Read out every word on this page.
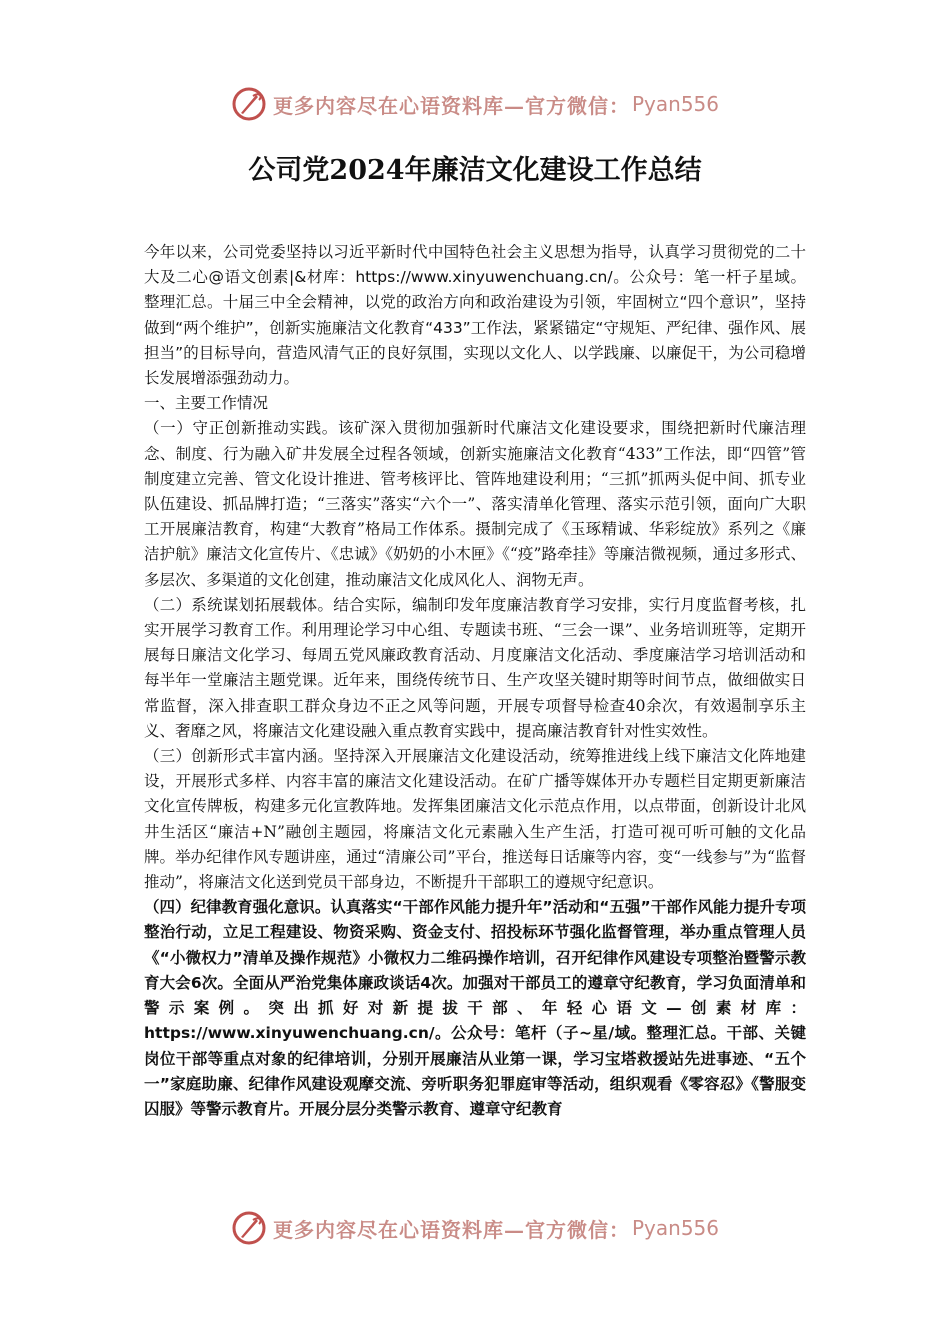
更多内容尽在心语资料库—官方微信： Pyan556
公司党2024年廉洁文化建设工作总结

今年以来，公司党委坚持以习近平新时代中国特色社会主义思想为指导，认真学习贯彻党的二十大及二心@语文创素|&材库：https://www.xinyuwenchuang.cn/。公众号：笔一杆子星域。整理汇总。十届三中全会精神，以党的政治方向和政治建设为引领，牢固树立“四个意识”，坚持做到“两个维护”，创新实施廉洁文化教育“433”工作法，紧紧锚定“守规矩、严纪律、强作风、展担当”的目标导向，营造风清气正的良好氛围，实现以文化人、以学践廉、以廉促干，为公司稳增长发展增添强劲动力。

一、主要工作情况

（一）守正创新推动实践。该矿深入贯彻加强新时代廉洁文化建设要求，围绕把新时代廉洁理念、制度、行为融入矿井发展全过程各领域，创新实施廉洁文化教育“433”工作法，即“四管”管制度建立完善、管文化设计推进、管考核评比、管阵地建设利用；“三抓”抓两头促中间、抓专业队伍建设、抓品牌打造；“三落实”落实“六个一”、落实清单化管理、落实示范引领，面向广大职工开展廉洁教育，构建“大教育”格局工作体系。摄制完成了《玉琢精诚、华彩绽放》系列之《廉洁护航》廉洁文化宣传片、《忠诚》《奶奶的小木匣》《“疫”路牵挂》等廉洁微视频，通过多形式、多层次、多渠道的文化创建，推动廉洁文化成风化人、润物无声。

（二）系统谋划拓展载体。结合实际，编制印发年度廉洁教育学习安排，实行月度监督考核，扎实开展学习教育工作。利用理论学习中心组、专题读书班、“三会一课”、业务培训班等，定期开展每日廉洁文化学习、每周五党风廉政教育活动、月度廉洁文化活动、季度廉洁学习培训活动和每半年一堂廉洁主题党课。近年来，围绕传统节日、生产攻坚关键时期等时间节点，做细做实日常监督，深入排查职工群众身边不正之风等问题，开展专项督导检查40余次，有效遏制享乐主义、奢靡之风，将廉洁文化建设融入重点教育实践中，提高廉洁教育针对性实效性。

（三）创新形式丰富内涵。坚持深入开展廉洁文化建设活动，统筹推进线上线下廉洁文化阵地建设，开展形式多样、内容丰富的廉洁文化建设活动。在矿广播等媒体开办专题栏目定期更新廉洁文化宣传牌板，构建多元化宣教阵地。发挥集团廉洁文化示范点作用，以点带面，创新设计北风井生活区“廉洁+N”融创主题园，将廉洁文化元素融入生产生活，打造可视可听可触的文化品牌。举办纪律作风专题讲座，通过“清廉公司”平台，推送每日话廉等内容，变“一线参与”为“监督推动”，将廉洁文化送到党员干部身边，不断提升干部职工的遵规守纪意识。

（四）纪律教育强化意识。认真落实“干部作风能力提升年”活动和“五强”干部作风能力提升专项整治行动，立足工程建设、物资采购、资金支付、招投标环节强化监督管理，举办重点管理人员《“小微权力”清单及操作规范》小微权力二维码操作培训，召开纪律作风建设专项整治暨警示教育大会6次。全面从严治党集体廉政谈话4次。加强对干部员工的遵章守纪教育，学习负面清单和警示案例。突出抓好对新提拔干部、年轻心语文—创素材库：https://www.xinyuwenchuang.cn/。公众号：笔杆（子~星/域。整理汇总。干部、关键岗位干部等重点对象的纪律培训，分别开展廉洁从业第一课，学习宝塔救援站先进事迹、“五个一”家庭助廉、纪律作风建设观摩交流、旁听职务犯罪庭审等活动，组织观看《零容忍》《警服变囚服》等警示教育片。开展分层分类警示教育、遵章守纪教育

更多内容尽在心语资料库—官方微信： Pyan556
